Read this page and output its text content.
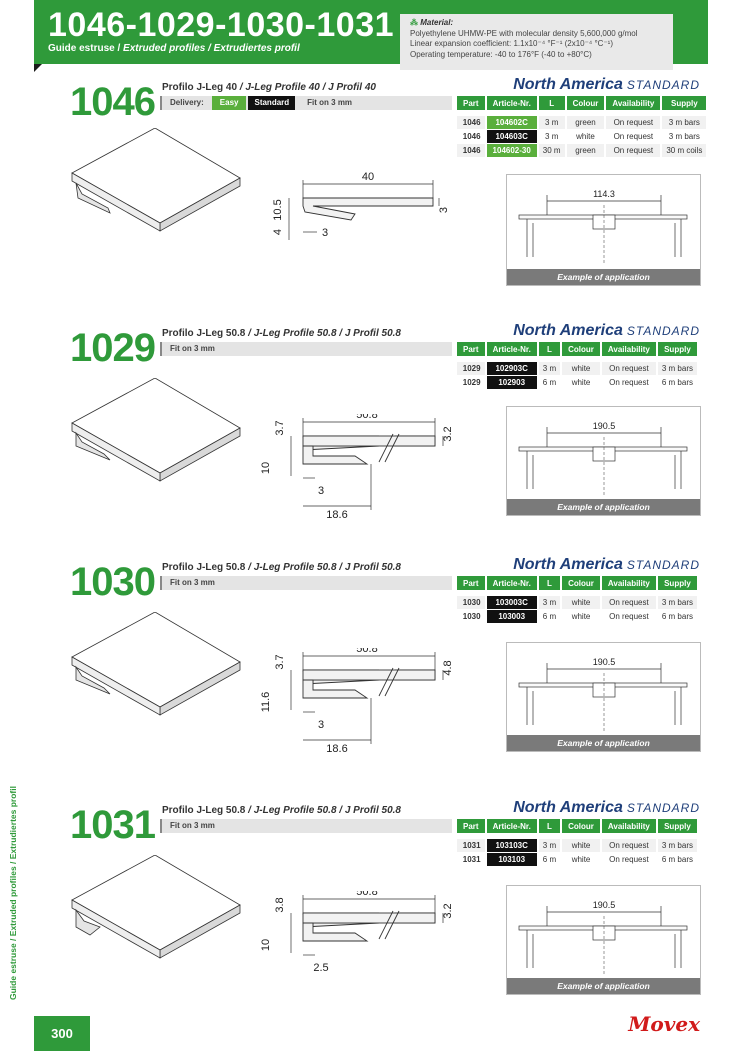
1046-1029-1030-1031
Guide estruse / Extruded profiles / Extrudiertes profil
⁂ Material:
Polyethylene UHMW-PE with molecular density 5,600,000 g/mol
Linear expansion coefficient: 1.1x10⁻⁴ °F⁻¹ (2x10⁻⁴ °C⁻¹)
Operating temperature: -40 to 176°F (-40 to +80°C)
Guide estruse / Extruded profiles / Extrudiertes profil
1046 Profilo J-Leg 40 / J-Leg Profile 40 / J Profil 40	North America STANDARD
Delivery: Easy Standard Fit on 3 mm	Part	Article-Nr.	L	Colour	Availability	Supply

1046	104602C	3 m	green	On request	3 m bars
1046	104603C	3 m	white	On request	3 m bars
1046	104602-30	30 m	green	On request	30 m coils
40
10.5
4
3
3
114.3
Example of application
1029 Profilo J-Leg 50.8 / J-Leg Profile 50.8 / J Profil 50.8	North America STANDARD
Fit on 3 mm	Part	Article-Nr.	L	Colour	Availability	Supply

1029	102903C	3 m	white	On request	3 m bars
1029	102903	6 m	white	On request	6 m bars
50.8
3.7
10
3.2
3
18.6
190.5
Example of application
1030 Profilo J-Leg 50.8 / J-Leg Profile 50.8 / J Profil 50.8	North America STANDARD
Fit on 3 mm	Part	Article-Nr.	L	Colour	Availability	Supply

1030	103003C	3 m	white	On request	3 m bars
1030	103003	6 m	white	On request	6 m bars
50.8
3.7
11.6
4.8
3
18.6
190.5
Example of application
1031 Profilo J-Leg 50.8 / J-Leg Profile 50.8 / J Profil 50.8	North America STANDARD
Fit on 3 mm	Part	Article-Nr.	L	Colour	Availability	Supply

1031	103103C	3 m	white	On request	3 m bars
1031	103103	6 m	white	On request	6 m bars
50.8
3.8
10
3.2
2.5
190.5
Example of application
300	Movex
